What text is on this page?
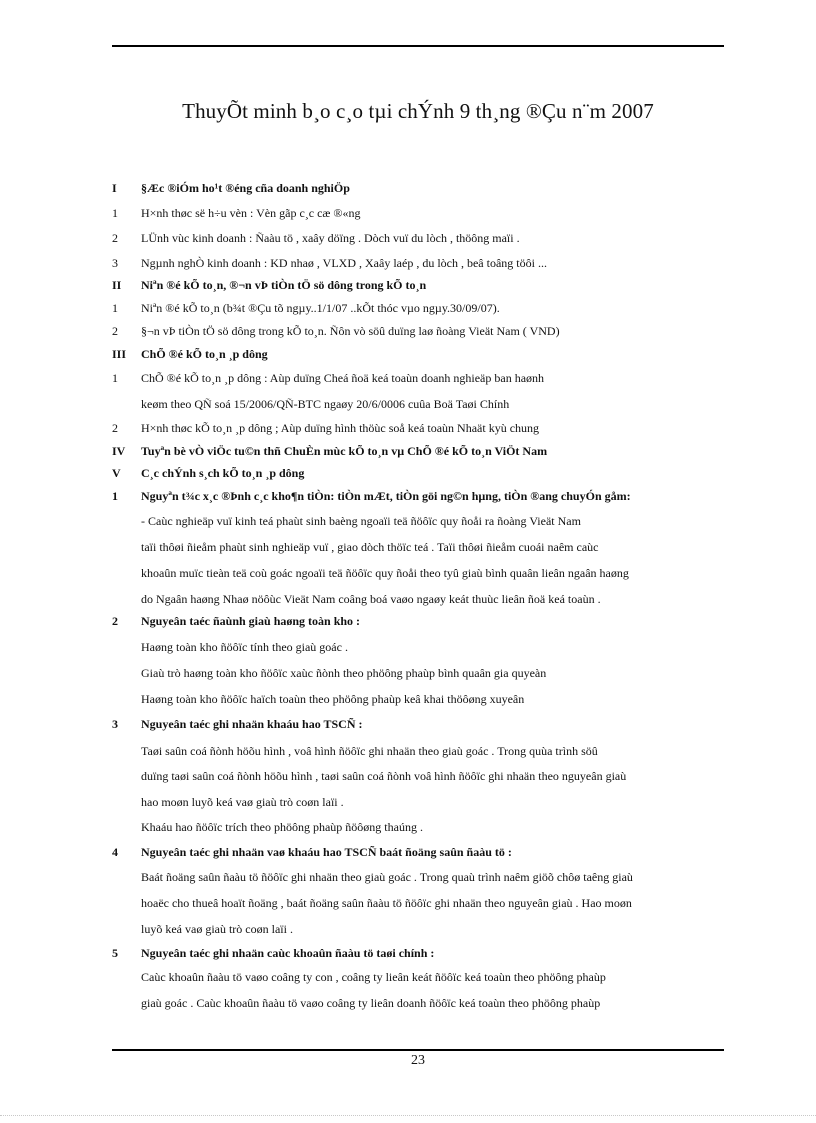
ThuyÕt minh b¸o c¸o tµi chÝnh 9 th¸ng ®Çu n¨m 2007
I §Æc ®iÓm ho¹t ®éng cña doanh nghiÖp
1 H×nh thøc së h÷u vèn : Vèn gãp c¸c cæ ®«ng
2 LÜnh vùc kinh doanh : Ñaàu tö , xaây döïng . Dòch vuï du lòch , thöông maïi .
3 Ngµnh nghÒ kinh doanh : KD nhaø , VLXD , Xaây laép , du lòch , beâ toâng töôi ...
II Niªn ®é kÕ to¸n, ®¬n vÞ tiÒn tÖ sö dông trong kÕ to¸n
1 Niªn ®é kÕ to¸n (b¾t ®Çu tõ ngµy..1/1/07 ..kÕt thóc vµo ngµy.30/09/07).
2 §¬n vÞ tiÒn tÖ sö dông trong kÕ to¸n. Ñôn vò söû duïng laø ñoàng Vieät Nam ( VND)
III ChÕ ®é kÕ to¸n ¸p dông
1 ChÕ ®é kÕ to¸n ¸p dông : Aùp duïng Cheá ñoä keá toaùn doanh nghieäp ban haønh
keøm theo QÑ soá 15/2006/QÑ-BTC ngaøy 20/6/0006 cuûa Boä Taøi Chính
2 H×nh thøc kÕ to¸n ¸p dông ; Aùp duïng hình thöùc soå keá toaùn Nhaät kyù chung
IV Tuyªn bè vÒ viÖc tu©n thñ ChuÈn mùc kÕ to¸n vµ ChÕ ®é kÕ to¸n ViÖt Nam
V C¸c chÝnh s¸ch kÕ to¸n ¸p dông
1 Nguyªn t¾c x¸c ®Þnh c¸c kho¶n tiÒn: tiÒn mÆt, tiÒn göi ng©n hµng, tiÒn ®ang chuyÓn gåm:
- Caùc nghieäp vuï kinh teá phaùt sinh baèng ngoaïi teä ñöôïc quy ñoåi ra ñoàng Vieät Nam
taïi thôøi ñieåm phaùt sinh nghieäp vuï , giao dòch thöïc teá . Taïi thôøi ñieåm cuoái naêm caùc
khoaûn muïc tieàn teä coù goác ngoaïi teä ñöôïc quy ñoåi theo tyû giaù bình quaân lieân ngaân haøng
do Ngaân haøng Nhaø nöôùc Vieät Nam coâng boá vaøo ngaøy keát thuùc lieân ñoä keá toaùn .
2 Nguyeân taéc ñaùnh giaù haøng toàn kho :
Haøng toàn kho ñöôïc tính theo giaù goác .
Giaù trò haøng toàn kho ñöôïc xaùc ñònh theo phöông phaùp bình quaân gia quyeàn
Haøng toàn kho ñöôïc haïch toaùn theo phöông phaùp keâ khai thöôøng xuyeân
3 Nguyeân taéc ghi nhaän khaáu hao TSCÑ :
Taøi saûn coá ñònh höõu hình , voâ hình ñöôïc ghi nhaän theo giaù goác . Trong quùa trình söû
duïng taøi saûn coá ñònh höõu hình , taøi saûn coá ñònh voâ hình ñöôïc ghi nhaän theo nguyeân giaù
hao moøn luyõ keá vaø giaù trò coøn laïi .
Khaáu hao ñöôïc trích theo phöông phaùp ñöôøng thaúng .
4 Nguyeân taéc ghi nhaän vaø khaáu hao TSCÑ baát ñoäng saûn ñaàu tö :
Baát ñoäng saûn ñaàu tö ñöôïc ghi nhaän theo giaù goác . Trong quaù trình naêm giöõ chôø taêng giaù
hoaëc cho thueâ hoaït ñoäng , baát ñoäng saûn ñaàu tö ñöôïc ghi nhaän theo nguyeân giaù . Hao moøn
luyõ keá vaø giaù trò coøn laïi .
5 Nguyeân taéc ghi nhaän caùc khoaûn ñaàu tö taøi chính :
Caùc khoaûn ñaàu tö vaøo coâng ty con , coâng ty lieân keát ñöôïc keá toaùn theo phöông phaùp
giaù goác . Caùc khoaûn ñaàu tö vaøo coâng ty lieân doanh ñöôïc keá toaùn theo phöông phaùp
23
